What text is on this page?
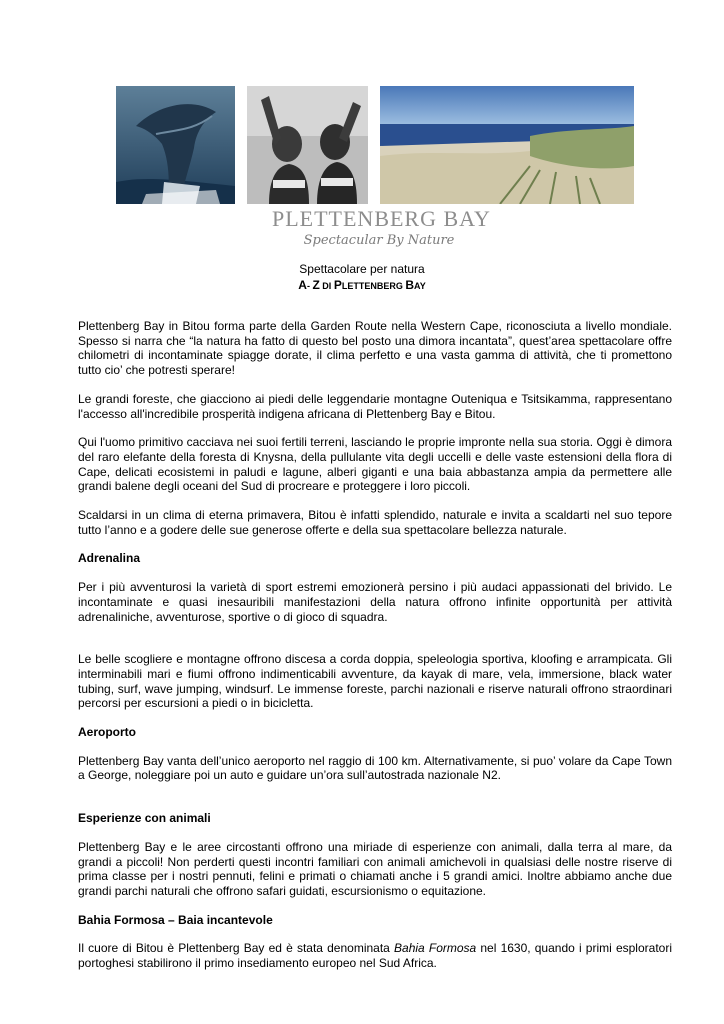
PLETTENBERG BAY
Spectacular By Nature
Spettacolare per natura
A- Z DI PLETTENBERG BAY

Plettenberg Bay in Bitou forma parte della Garden Route nella Western Cape, riconosciuta a livello mondiale. Spesso si narra che “la natura ha fatto di questo bel posto una dimora incantata”, quest’area spettacolare offre chilometri di incontaminate spiagge dorate, il clima perfetto e una vasta gamma di attività, che ti promettono tutto cio’ che potresti sperare!

Le grandi foreste, che giacciono ai piedi delle leggendarie montagne Outeniqua e Tsitsikamma, rappresentano l'accesso all'incredibile prosperità indigena africana di Plettenberg Bay e Bitou.

Qui l'uomo primitivo cacciava nei suoi fertili terreni, lasciando le proprie impronte nella sua storia. Oggi è dimora del raro elefante della foresta di Knysna, della pullulante vita degli uccelli e delle vaste estensioni della flora di Cape, delicati ecosistemi in paludi e lagune, alberi giganti e una baia abbastanza ampia da permettere alle grandi balene degli oceani del Sud di procreare e proteggere i loro piccoli.

Scaldarsi in un clima di eterna primavera, Bitou è infatti splendido, naturale e invita a scaldarti nel suo tepore tutto l’anno e a godere delle sue generose offerte e della sua spettacolare bellezza naturale.

Adrenalina

Per i più avventurosi la varietà di sport estremi emozionerà persino i più audaci appassionati del brivido. Le incontaminate e quasi inesauribili manifestazioni della natura offrono infinite opportunità per attività adrenaliniche, avventurose, sportive o di gioco di squadra.

Le belle scogliere e montagne offrono discesa a corda doppia, speleologia sportiva, kloofing e arrampicata. Gli interminabili mari e fiumi offrono indimenticabili avventure, da kayak di mare, vela, immersione, black water tubing, surf, wave jumping, windsurf. Le immense foreste, parchi nazionali e riserve naturali offrono straordinari percorsi per escursioni a piedi o in bicicletta.

Aeroporto

Plettenberg Bay vanta dell’unico aeroporto nel raggio di 100 km. Alternativamente, si puo’ volare da Cape Town a George, noleggiare poi un auto e guidare un’ora sull’autostrada nazionale N2.

Esperienze con animali

Plettenberg Bay e le aree circostanti offrono una miriade di esperienze con animali, dalla terra al mare, da grandi a piccoli! Non perderti questi incontri familiari con animali amichevoli in qualsiasi delle nostre riserve di prima classe per i nostri pennuti, felini e primati o chiamati anche i 5 grandi amici. Inoltre abbiamo anche due grandi parchi naturali che offrono safari guidati, escursionismo o equitazione.

Bahia Formosa – Baia incantevole

Il cuore di Bitou è Plettenberg Bay ed è stata denominata Bahia Formosa nel 1630, quando i primi esploratori portoghesi stabilirono il primo insediamento europeo nel Sud Africa.
